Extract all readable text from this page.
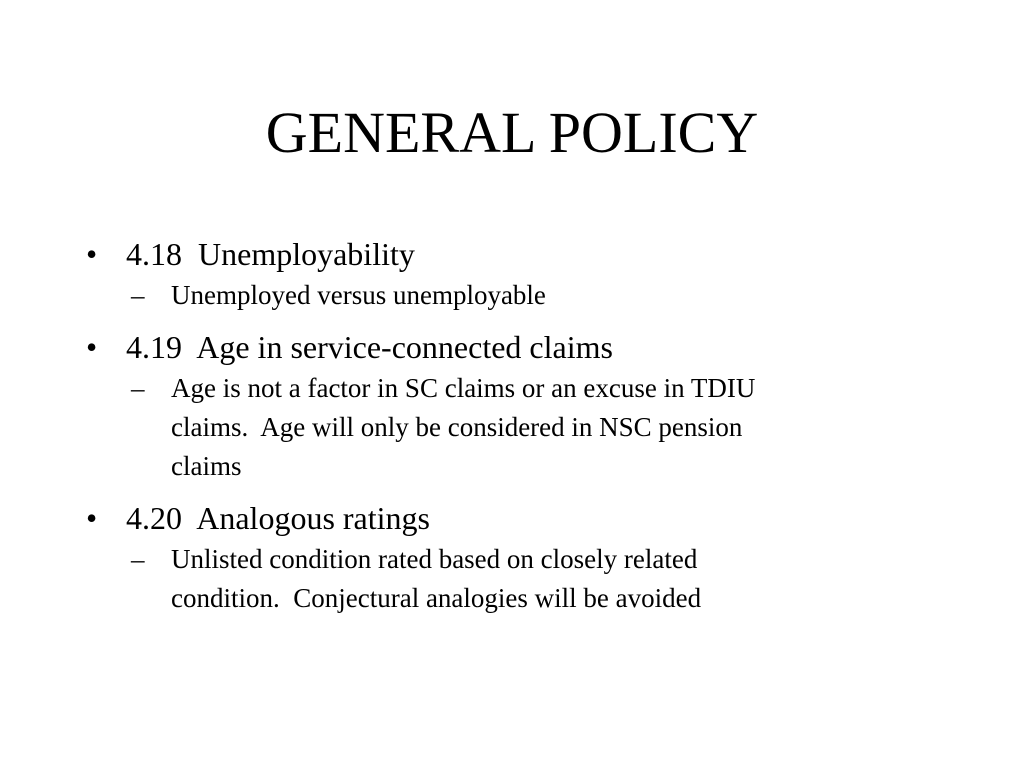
GENERAL POLICY
• 4.18  Unemployability
– Unemployed versus unemployable
• 4.19  Age in service-connected claims
– Age is not a factor in SC claims or an excuse in TDIU
claims.  Age will only be considered in NSC pension
claims
• 4.20  Analogous ratings
– Unlisted condition rated based on closely related
condition.  Conjectural analogies will be avoided
